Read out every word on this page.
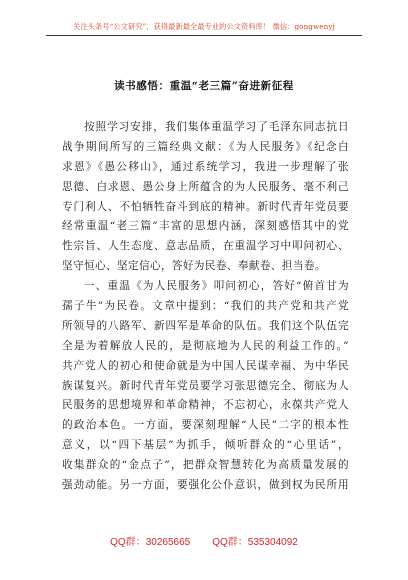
关注头条号“公文研究”，获得最新最全最专业的公文资料库！ 微信：gongwenyj
读书感悟：重温“老三篇”奋进新征程
按照学习安排，我们集体重温学习了毛泽东同志抗日
战争期间所写的三篇经典文献：《为人民服务》《纪念白
求恩》《愚公移山》，通过系统学习，我进一步理解了张
思德、白求恩、愚公身上所蕴含的为人民服务、毫不利己
专门利人、不怕牺牲奋斗到底的精神。新时代青年党员要
经常重温“老三篇”丰富的思想内涵，深刻感悟其中的党
性宗旨、人生态度、意志品质，在重温学习中叩问初心、
坚守恒心、坚定信心，答好为民卷、奉献卷、担当卷。
一、重温《为人民服务》叩问初心，答好“俯首甘为
孺子牛”为民卷。文章中提到：“我们的共产党和共产党
所领导的八路军、新四军是革命的队伍。我们这个队伍完
全是为着解放人民的，是彻底地为人民的利益工作的。”
共产党人的初心和使命就是为中国人民谋幸福、为中华民
族谋复兴。新时代青年党员要学习张思德完全、彻底为人
民服务的思想境界和革命精神，不忘初心，永葆共产党人
的政治本色。一方面，要深刻理解“人民”二字的根本性
意义，以“四下基层”为抓手，倾听群众的“心里话”，
收集群众的“金点子”，把群众智慧转化为高质量发展的
强劲动能。另一方面，要强化公仆意识，做到权为民所用
QQ群：30265665 QQ群：535304092
